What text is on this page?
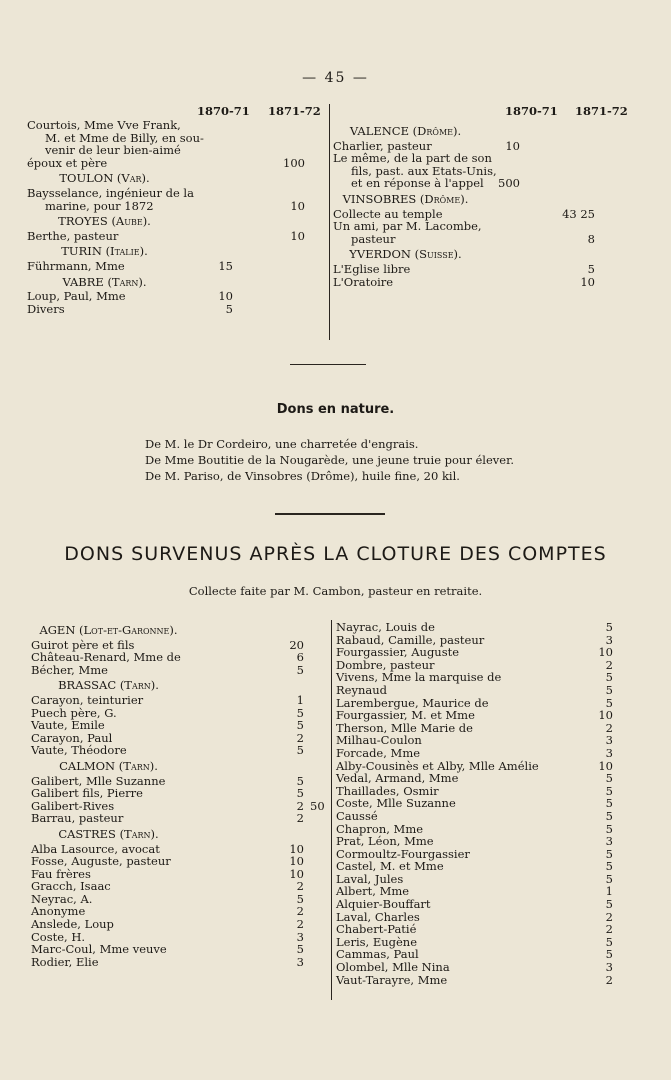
— 45 —
1870-71 1871-72	1870-71 1871-72
Courtois, Mme Vve Frank,
M. et Mme de Billy, en sou-
venir de leur bien-aimé
époux et père	100
TOULON (Var).
Baysselance, ingénieur de la
marine, pour 1872	10
TROYES (Aube).
Berthe, pasteur	10
TURIN (Italie).
Führmann, Mme	15
VABRE (Tarn).
Loup, Paul, Mme	10
Divers	5
VALENCE (Drôme).
Charlier, pasteur	10
Le même, de la part de son
fils, past. aux Etats-Unis,
et en réponse à l'appel 500
VINSOBRES (Drôme).
Collecte au temple	43 25
Un ami, par M. Lacombe,
pasteur	8
YVERDON (Suisse).
L'Eglise libre	5
L'Oratoire	10
Dons en nature.
De M. le Dr Cordeiro, une charretée d'engrais.
De Mme Boutitie de la Nougarède, une jeune truie pour élever.
De M. Pariso, de Vinsobres (Drôme), huile fine, 20 kil.
DONS SURVENUS APRÈS LA CLOTURE DES COMPTES
Collecte faite par M. Cambon, pasteur en retraite.
AGEN (Lot-et-Garonne).
Guirot père et fils	20
Château-Renard, Mme de	6
Bécher, Mme	5
BRASSAC (Tarn).
Carayon, teinturier	1
Puech père, G.	5
Vaute, Emile	5
Carayon, Paul	2
Vaute, Théodore	5
CALMON (Tarn).
Galibert, Mlle Suzanne	5
Galibert fils, Pierre	5
Galibert-Rives	2 50
Barrau, pasteur	2
CASTRES (Tarn).
Alba Lasource, avocat	10
Fosse, Auguste, pasteur	10
Fau frères	10
Gracch, Isaac	2
Neyrac, A.	5
Anonyme	2
Anslede, Loup	2
Coste, H.	3
Marc-Coul, Mme veuve	5
Rodier, Elie	3
Nayrac, Louis de	5
Rabaud, Camille, pasteur	3
Fourgassier, Auguste	10
Dombre, pasteur	2
Vivens, Mme la marquise de	5
Reynaud	5
Larembergue, Maurice de	5
Fourgassier, M. et Mme	10
Therson, Mlle Marie de	2
Milhau-Coulon	3
Forcade, Mme	3
Alby-Cousinès et Alby, Mlle Amélie	10
Vedal, Armand, Mme	5
Thaillades, Osmir	5
Coste, Mlle Suzanne	5
Caussé	5
Chapron, Mme	5
Prat, Léon, Mme	3
Cormoultz-Fourgassier	5
Castel, M. et Mme	5
Laval, Jules	5
Albert, Mme	1
Alquier-Bouffart	5
Laval, Charles	2
Chabert-Patié	2
Leris, Eugène	5
Cammas, Paul	5
Olombel, Mlle Nina	3
Vaut-Tarayre, Mme	2
